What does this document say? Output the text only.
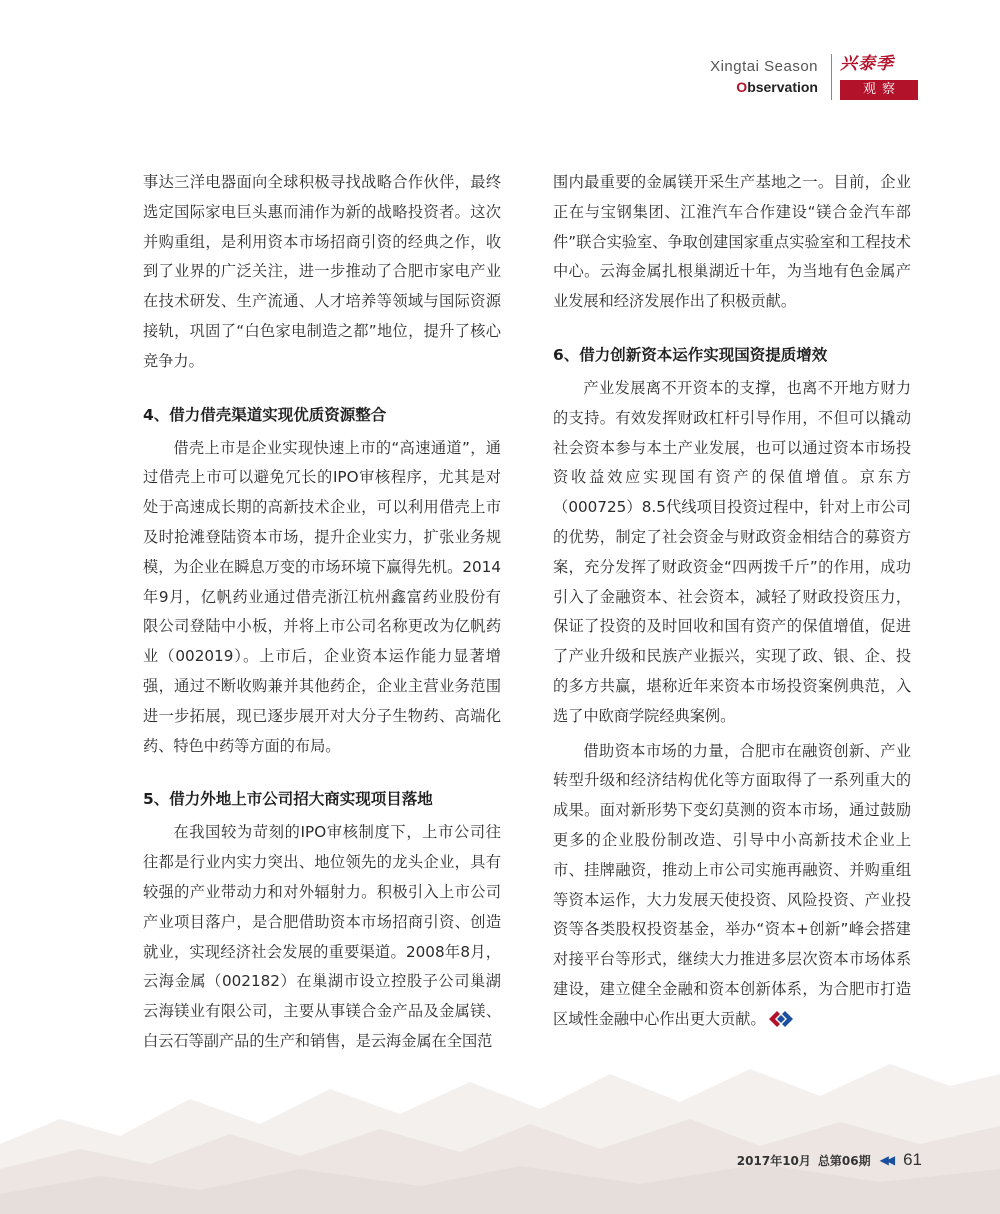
Xingtai Season
Observation
兴泰季
观察

事达三洋电器面向全球积极寻找战略合作伙伴，最终选定国际家电巨头惠而浦作为新的战略投资者。这次并购重组，是利用资本市场招商引资的经典之作，收到了业界的广泛关注，进一步推动了合肥市家电产业在技术研发、生产流通、人才培养等领域与国际资源接轨，巩固了“白色家电制造之都”地位，提升了核心竞争力。

4、借力借壳渠道实现优质资源整合

借壳上市是企业实现快速上市的“高速通道”，通过借壳上市可以避免冗长的IPO审核程序，尤其是对处于高速成长期的高新技术企业，可以利用借壳上市及时抢滩登陆资本市场，提升企业实力，扩张业务规模，为企业在瞬息万变的市场环境下赢得先机。2014年9月，亿帆药业通过借壳浙江杭州鑫富药业股份有限公司登陆中小板，并将上市公司名称更改为亿帆药业（002019）。上市后，企业资本运作能力显著增强，通过不断收购兼并其他药企，企业主营业务范围进一步拓展，现已逐步展开对大分子生物药、高端化药、特色中药等方面的布局。

5、借力外地上市公司招大商实现项目落地

在我国较为苛刻的IPO审核制度下，上市公司往往都是行业内实力突出、地位领先的龙头企业，具有较强的产业带动力和对外辐射力。积极引入上市公司产业项目落户，是合肥借助资本市场招商引资、创造就业，实现经济社会发展的重要渠道。2008年8月，云海金属（002182）在巢湖市设立控股子公司巢湖云海镁业有限公司，主要从事镁合金产品及金属镁、白云石等副产品的生产和销售，是云海金属在全国范

围内最重要的金属镁开采生产基地之一。目前，企业正在与宝钢集团、江淮汽车合作建设“镁合金汽车部件”联合实验室、争取创建国家重点实验室和工程技术中心。云海金属扎根巢湖近十年，为当地有色金属产业发展和经济发展作出了积极贡献。

6、借力创新资本运作实现国资提质增效

产业发展离不开资本的支撑，也离不开地方财力的支持。有效发挥财政杠杆引导作用，不但可以撬动社会资本参与本土产业发展，也可以通过资本市场投资收益效应实现国有资产的保值增值。京东方（000725）8.5代线项目投资过程中，针对上市公司的优势，制定了社会资金与财政资金相结合的募资方案，充分发挥了财政资金“四两拨千斤”的作用，成功引入了金融资本、社会资本，减轻了财政投资压力，保证了投资的及时回收和国有资产的保值增值，促进了产业升级和民族产业振兴，实现了政、银、企、投的多方共赢，堪称近年来资本市场投资案例典范，入选了中欧商学院经典案例。

借助资本市场的力量，合肥市在融资创新、产业转型升级和经济结构优化等方面取得了一系列重大的成果。面对新形势下变幻莫测的资本市场，通过鼓励更多的企业股份制改造、引导中小高新技术企业上市、挂牌融资，推动上市公司实施再融资、并购重组等资本运作，大力发展天使投资、风险投资、产业投资等各类股权投资基金，举办“资本+创新”峰会搭建对接平台等形式，继续大力推进多层次资本市场体系建设，建立健全金融和资本创新体系，为合肥市打造区域性金融中心作出更大贡献。

2017年10月 总第06期 ◀◀ 61
